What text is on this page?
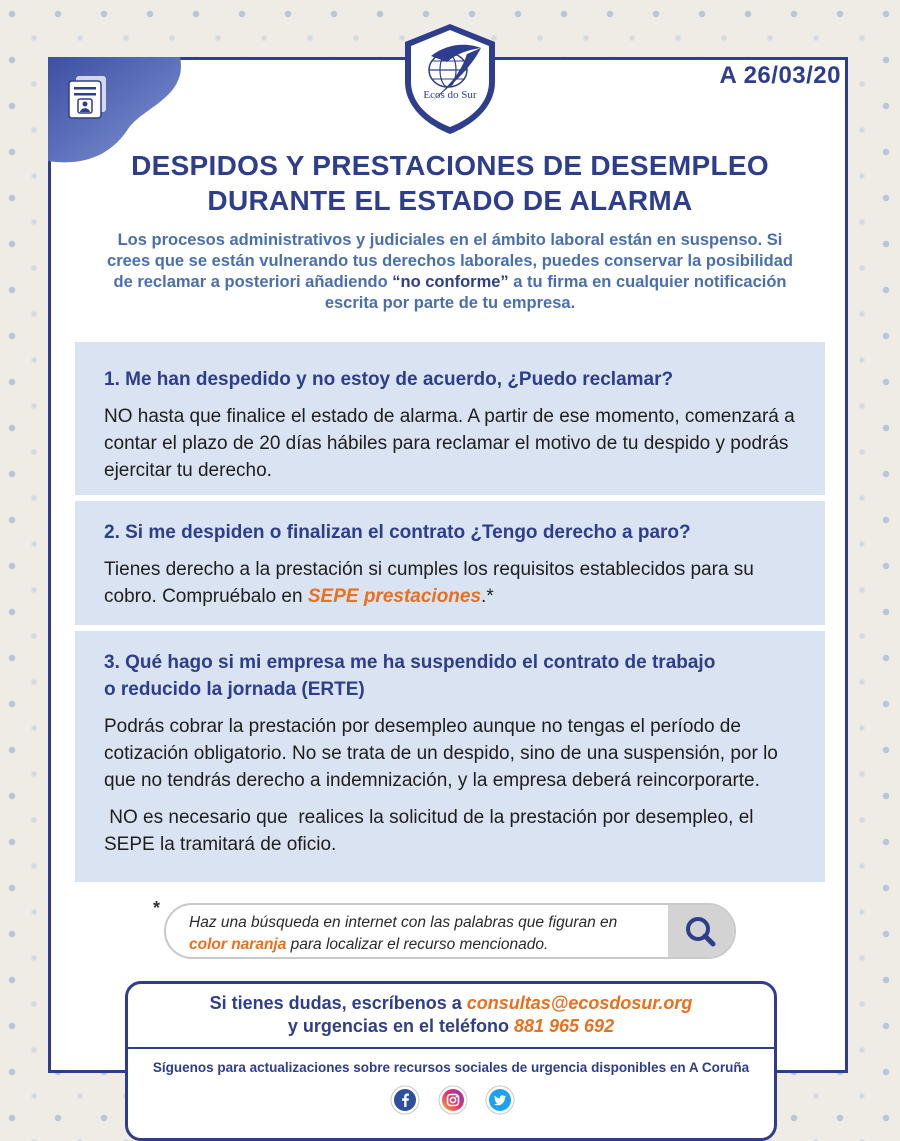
Ecos do Sur
A 26/03/20
DESPIDOS Y PRESTACIONES DE DESEMPLEO
DURANTE EL ESTADO DE ALARMA

Los procesos administrativos y judiciales en el ámbito laboral están en suspenso. Si crees que se están vulnerando tus derechos laborales, puedes conservar la posibilidad de reclamar a posteriori añadiendo “no conforme” a tu firma en cualquier notificación escrita por parte de tu empresa.

1. Me han despedido y no estoy de acuerdo, ¿Puedo reclamar?

NO hasta que finalice el estado de alarma. A partir de ese momento, comenzará a contar el plazo de 20 días hábiles para reclamar el motivo de tu despido y podrás ejercitar tu derecho.

2. Si me despiden o finalizan el contrato ¿Tengo derecho a paro?

Tienes derecho a la prestación si cumples los requisitos establecidos para su cobro. Compruébalo en SEPE prestaciones.*

3. Qué hago si mi empresa me ha suspendido el contrato de trabajo
o reducido la jornada (ERTE)

Podrás cobrar la prestación por desempleo aunque no tengas el período de cotización obligatorio. No se trata de un despido, sino de una suspensión, por lo que no tendrás derecho a indemnización, y la empresa deberá reincorporarte.

NO es necesario que  realices la solicitud de la prestación por desempleo, el SEPE la tramitará de oficio.

*
Haz una búsqueda en internet con las palabras que figuran en color naranja para localizar el recurso mencionado.
Si tienes dudas, escríbenos a consultas@ecosdosur.org
y urgencias en el teléfono 881 965 692
Síguenos para actualizaciones sobre recursos sociales de urgencia disponibles en A Coruña
